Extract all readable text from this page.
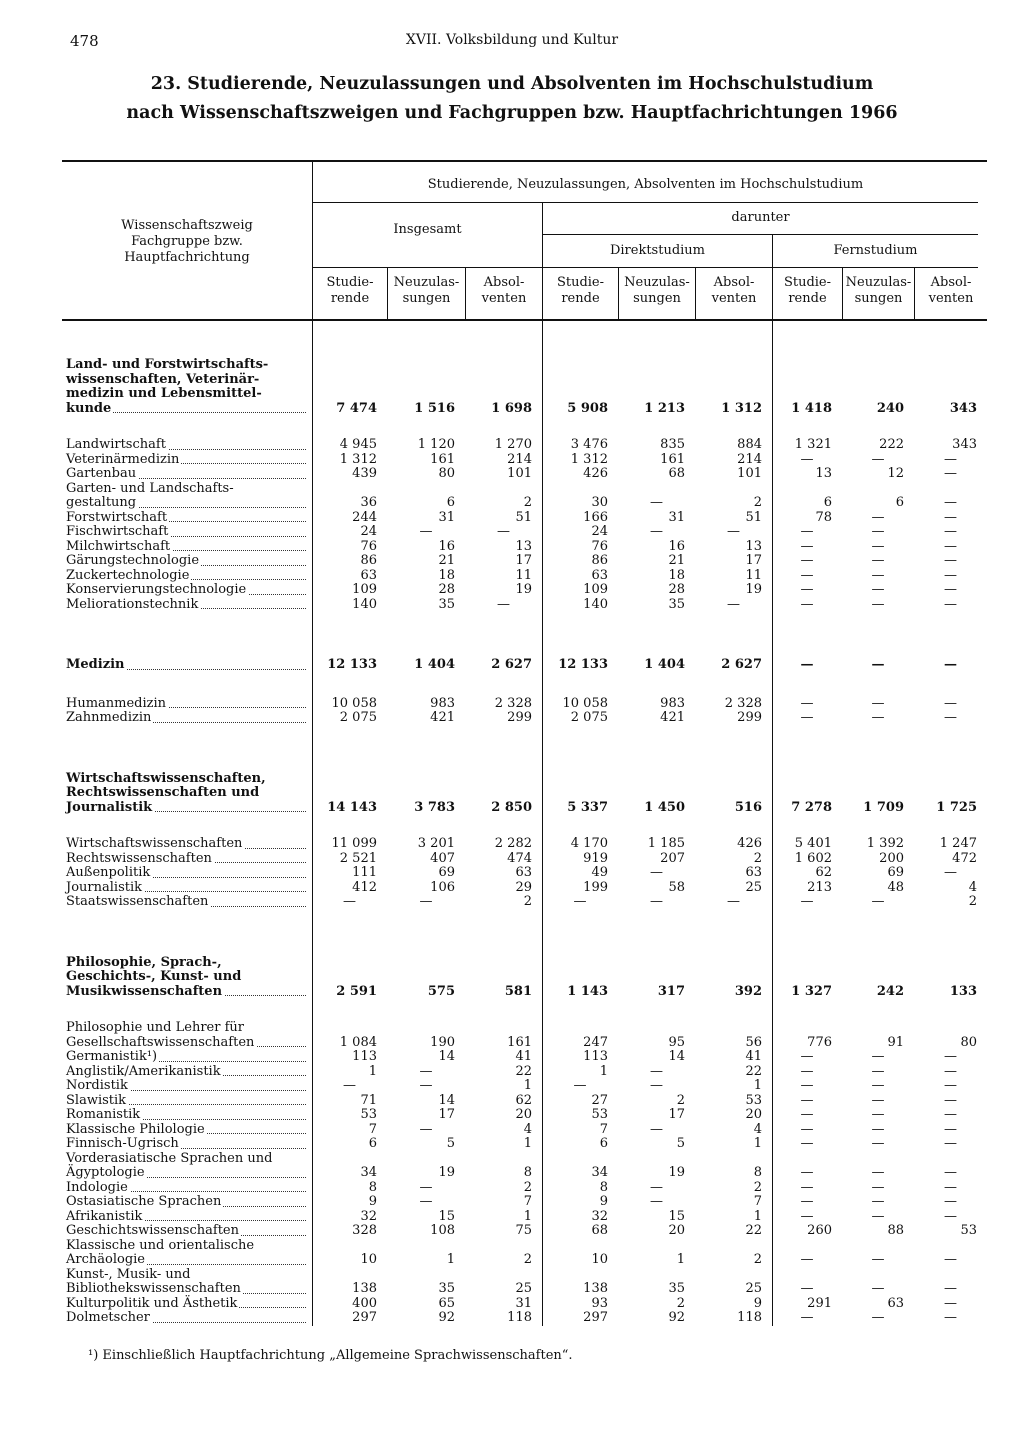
478	XVII. Volksbildung und Kultur
23. Studierende, Neuzulassungen und Absolventen im Hochschulstudium
nach Wissenschaftszweigen und Fachgruppen bzw. Hauptfachrichtungen 1966
Wissenschaftszweig
Fachgruppe bzw.
Hauptfachrichtung
Studierende, Neuzulassungen, Absolventen im Hochschulstudium
Insgesamt
darunter
Direktstudium	Fernstudium
Studie-
rende
Neuzulas-
sungen
Absol-
venten
Studie-
rende
Neuzulas-
sungen
Absol-
venten
Studie-
rende
Neuzulas-
sungen
Absol-
venten
Land- und Forstwirtschafts-
wissenschaften, Veterinär-
medizin und Lebensmittel-
kunde	7 474	1 516	1 698	5 908	1 213	1 312	1 418	240	343
Landwirtschaft	4 945	1 120	1 270	3 476	835	884	1 321	222	343
Veterinärmedizin	1 312	161	214	1 312	161	214	—	—	—
Gartenbau	439	80	101	426	68	101	13	12	—
Garten- und Landschafts-
gestaltung	36	6	2	30	—	2	6	6	—
Forstwirtschaft	244	31	51	166	31	51	78	—	—
Fischwirtschaft	24	—	—	24	—	—	—	—	—
Milchwirtschaft	76	16	13	76	16	13	—	—	—
Gärungstechnologie	86	21	17	86	21	17	—	—	—
Zuckertechnologie	63	18	11	63	18	11	—	—	—
Konservierungstechnologie	109	28	19	109	28	19	—	—	—
Meliorationstechnik	140	35	—	140	35	—	—	—	—
Medizin	12 133	1 404	2 627	12 133	1 404	2 627	—	—	—
Humanmedizin	10 058	983	2 328	10 058	983	2 328	—	—	—
Zahnmedizin	2 075	421	299	2 075	421	299	—	—	—
Wirtschaftswissenschaften,
Rechtswissenschaften und
Journalistik	14 143	3 783	2 850	5 337	1 450	516	7 278	1 709	1 725
Wirtschaftswissenschaften	11 099	3 201	2 282	4 170	1 185	426	5 401	1 392	1 247
Rechtswissenschaften	2 521	407	474	919	207	2	1 602	200	472
Außenpolitik	111	69	63	49	—	63	62	69	—
Journalistik	412	106	29	199	58	25	213	48	4
Staatswissenschaften	—	—	2	—	—	—	—	—	2
Philosophie, Sprach-,
Geschichts-, Kunst- und
Musikwissenschaften	2 591	575	581	1 143	317	392	1 327	242	133
Philosophie und Lehrer für
Gesellschaftswissenschaften	1 084	190	161	247	95	56	776	91	80
Germanistik¹)	113	14	41	113	14	41	—	—	—
Anglistik/Amerikanistik	1	—	22	1	—	22	—	—	—
Nordistik	—	—	1	—	—	1	—	—	—
Slawistik	71	14	62	27	2	53	—	—	—
Romanistik	53	17	20	53	17	20	—	—	—
Klassische Philologie	7	—	4	7	—	4	—	—	—
Finnisch-Ugrisch	6	5	1	6	5	1	—	—	—
Vorderasiatische Sprachen und
Ägyptologie	34	19	8	34	19	8	—	—	—
Indologie	8	—	2	8	—	2	—	—	—
Ostasiatische Sprachen	9	—	7	9	—	7	—	—	—
Afrikanistik	32	15	1	32	15	1	—	—	—
Geschichtswissenschaften	328	108	75	68	20	22	260	88	53
Klassische und orientalische
Archäologie	10	1	2	10	1	2	—	—	—
Kunst-, Musik- und
Bibliothekswissenschaften	138	35	25	138	35	25	—	—	—
Kulturpolitik und Ästhetik	400	65	31	93	2	9	291	63	—
Dolmetscher	297	92	118	297	92	118	—	—	—
¹) Einschließlich Hauptfachrichtung „Allgemeine Sprachwissenschaften“.
